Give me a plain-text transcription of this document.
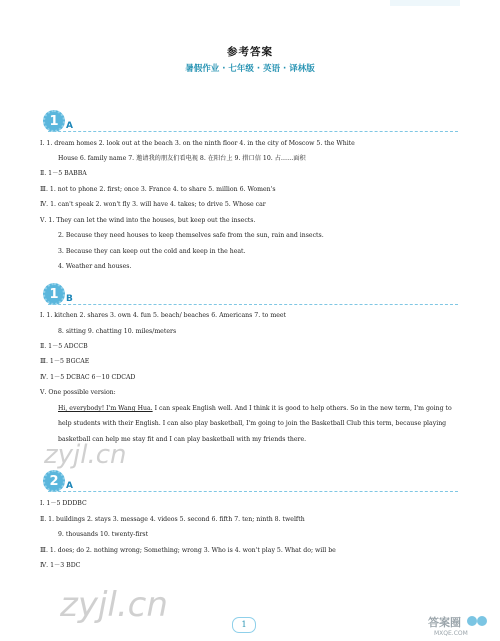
参考答案
暑假作业 · 七年级 · 英语 · 译林版
1 A
Ⅰ. 1. dream homes 2. look out at the beach 3. on the ninth floor 4. in the city of Moscow 5. the White
House 6. family name 7. 邀请我的朋友们看电视 8. 在阳台上 9. 措口信 10. 占……面积
Ⅱ. 1－5 BABBA
Ⅲ. 1. not to phone 2. first; once 3. France 4. to share 5. million 6. Women's
Ⅳ. 1. can't speak 2. won't fly 3. will have 4. takes; to drive 5. Whose car
Ⅴ. 1. They can let the wind into the houses, but keep out the insects.
2. Because they need houses to keep themselves safe from the sun, rain and insects.
3. Because they can keep out the cold and keep in the heat.
4. Weather and houses.
1 B
Ⅰ. 1. kitchen 2. shares 3. own 4. fun 5. beach/ beaches 6. Americans 7. to meet
8. sitting 9. chatting 10. miles/meters
Ⅱ. 1－5 ADCCB
Ⅲ. 1－5 BGCAE
Ⅳ. 1－5 DCBAC 6－10 CDCAD
Ⅴ. One possible version:
Hi, everybody! I'm Wang Hua. I can speak English well. And I think it is good to help others. So in the new term, I'm going to help students with their English. I can also play basketball, I'm going to join the Basketball Club this term, because playing basketball can help me stay fit and I can play basketball with my friends there.
2 A
Ⅰ. 1－5 DDDBC
Ⅱ. 1. buildings 2. stays 3. message 4. videos 5. second 6. fifth 7. ten; ninth 8. twelfth
9. thousands 10. twenty-first
Ⅲ. 1. does; do 2. nothing wrong; Something; wrong 3. Who is 4. won't play 5. What do; will be
Ⅳ. 1－3 BDC
zyjl.cn
zyjl.cn	1	答案圈
MXQE.COM
